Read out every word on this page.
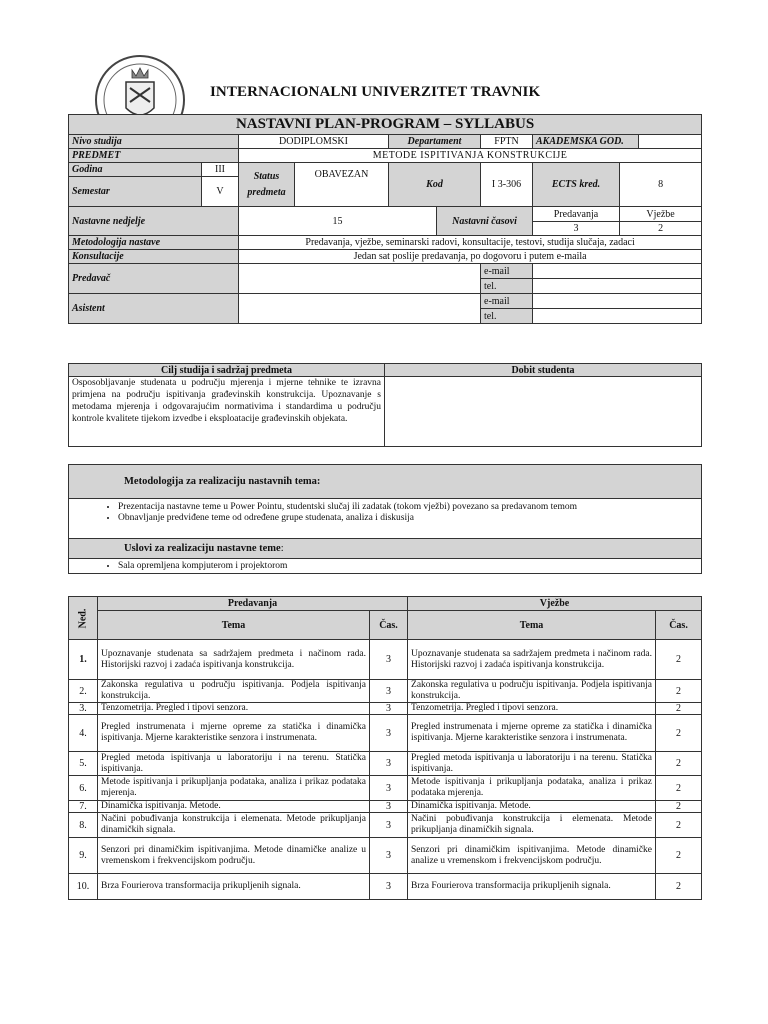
INTERNACIONALNI UNIVERZITET TRAVNIK
NASTAVNI PLAN-PROGRAM – SYLLABUS									
Nivo studija		DODIPLOMSKI		Departament		FPTN	AKADEMSKA GOD.		
PREDMET		METODE ISPITIVANJA KONSTRUKCIJE							
Godina	III	Status predmeta	OBAVEZAN	Kod		I 3-306	ECTS kred.	8	
Semestar	V								
Nastavne nedjelje		15			Nastavni časovi		Predavanja	Vježbe	
							3	2	
Metodologija nastave		Predavanja, vježbe, seminarski radovi, konsultacije, testovi, studija slučaja, zadaci							
Konsultacije		Jedan sat poslije predavanja, po dogovoru i putem e-maila							
Predavač						e-mail			
						tel.			
Asistent						e-mail			
						tel.			
Cilj studija i sadržaj predmeta	Dobit studenta
Osposobljavanje studenata u području mjerenja i mjerne tehnike te izravna primjena na području ispitivanja građevinskih konstrukcija. Upoznavanje s metodama mjerenja i odgovarajućim normativima i standardima u području kontrole kvalitete tijekom izvedbe i eksploatacije građevinskih objekata.	
Metodologija za realizaciju nastavnih tema:

• Prezentacija nastavne teme u Power Pointu, studentski slučaj ili zadatak (tokom vježbi) povezano sa predavanom temom
• Obnavljanje predviđene teme od određene grupe studenata, analiza i diskusija

Uslovi za realizaciju nastavne teme:

• Sala opremljena kompjuterom i projektorom
Ned.	Predavanja		Vježbe	
	Tema	Čas.	Tema	Čas.
1.	Upoznavanje studenata sa sadržajem predmeta i načinom rada. Historijski razvoj i zadaća ispitivanja konstrukcija.	3	Upoznavanje studenata sa sadržajem predmeta i načinom rada. Historijski razvoj i zadaća ispitivanja konstrukcija.	2
2.	Zakonska regulativa u području ispitivanja. Podjela ispitivanja konstrukcija.	3	Zakonska regulativa u području ispitivanja. Podjela ispitivanja konstrukcija.	2
3.	Tenzometrija. Pregled i tipovi senzora.	3	Tenzometrija. Pregled i tipovi senzora.	2
4.	Pregled instrumenata i mjerne opreme za statička i dinamička ispitivanja. Mjerne karakteristike senzora i instrumenata.	3	Pregled instrumenata i mjerne opreme za statička i dinamička ispitivanja. Mjerne karakteristike senzora i instrumenata.	2
5.	Pregled metoda ispitivanja u laboratoriju i na terenu. Statička ispitivanja.	3	Pregled metoda ispitivanja u laboratoriju i na terenu. Statička ispitivanja.	2
6.	Metode ispitivanja i prikupljanja podataka, analiza i prikaz podataka mjerenja.	3	Metode ispitivanja i prikupljanja podataka, analiza i prikaz podataka mjerenja.	2
7.	Dinamička ispitivanja. Metode.	3	Dinamička ispitivanja. Metode.	2
8.	Načini pobuđivanja konstrukcija i elemenata. Metode prikupljanja dinamičkih signala.	3	Načini pobuđivanja konstrukcija i elemenata. Metode prikupljanja dinamičkih signala.	2
9.	Senzori pri dinamičkim ispitivanjima. Metode dinamičke analize u vremenskom i frekvencijskom području.	3	Senzori pri dinamičkim ispitivanjima. Metode dinamičke analize u vremenskom i frekvencijskom području.	2
10.	Brza Fourierova transformacija prikupljenih signala.	3	Brza Fourierova transformacija prikupljenih signala.	2
